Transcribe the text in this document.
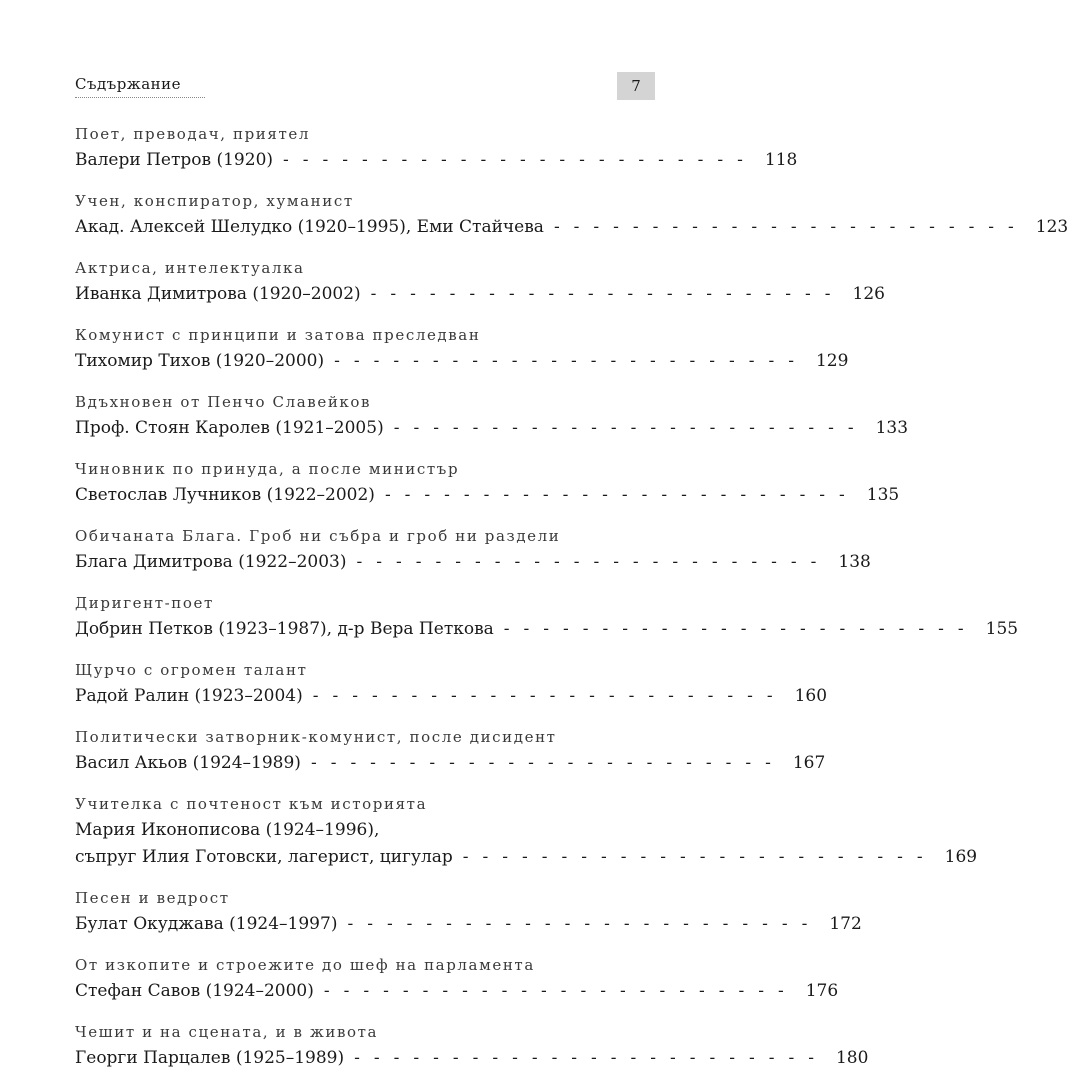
Съдържание	7
Поет, преводач, приятел
Валери Петров (1920) ------------------------ 118
Учен, конспиратор, хуманист
Акад. Алексей Шелудко (1920–1995), Еми Стайчева ------------------------ 123
Актриса, интелектуалка
Иванка Димитрова (1920–2002) ------------------------ 126
Комунист с принципи и затова преследван
Тихомир Тихов (1920–2000) ------------------------ 129
Вдъхновен от Пенчо Славейков
Проф. Стоян Каролев (1921–2005) ------------------------ 133
Чиновник по принуда, а после министър
Светослав Лучников (1922–2002) ------------------------ 135
Обичаната Блага. Гроб ни събра и гроб ни раздели
Блага Димитрова (1922–2003) ------------------------ 138
Диригент-поет
Добрин Петков (1923–1987), д-р Вера Петкова ------------------------ 155
Щурчо с огромен талант
Радой Ралин (1923–2004) ------------------------ 160
Политически затворник-комунист, после дисидент
Васил Акьов (1924–1989) ------------------------ 167
Учителка с почтеност към историята
Мария Иконописова (1924–1996),
съпруг Илия Готовски, лагерист, цигулар ------------------------ 169
Песен и ведрост
Булат Окуджава (1924–1997) ------------------------ 172
От изкопите и строежите до шеф на парламента
Стефан Савов (1924–2000) ------------------------ 176
Чешит и на сцената, и в живота
Георги Парцалев (1925–1989) ------------------------ 180
